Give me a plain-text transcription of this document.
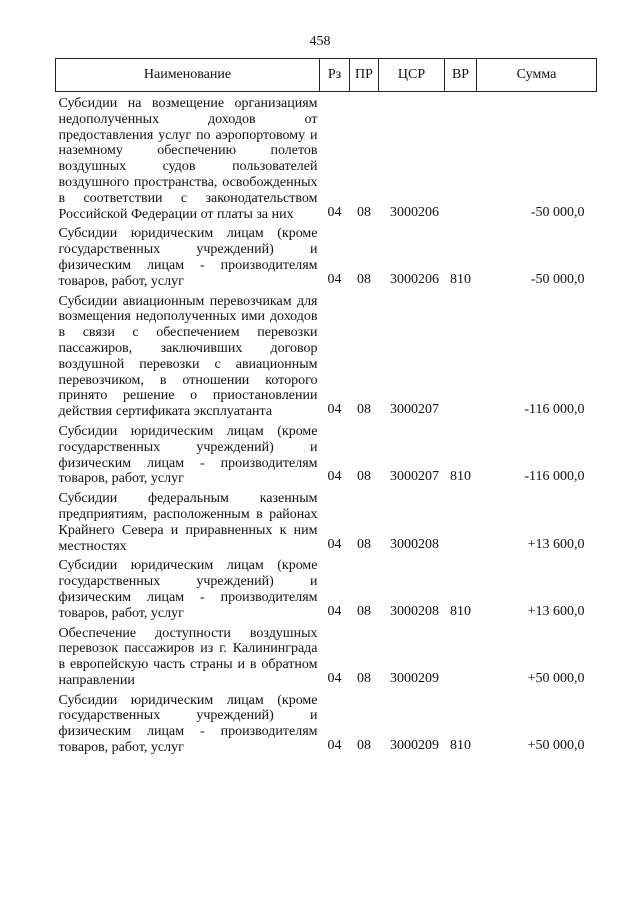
458
Наименование	Рз	ПР	ЦСР	ВР	Сумма
Субсидии на возмещение организациям недополученных доходов от предоставления услуг по аэропортовому и наземному обеспечению полетов воздушных судов пользователей воздушного пространства, освобожденных в соответствии с законодательством Российской Федерации от платы за них	04	08	3000206		-50 000,0
Субсидии юридическим лицам (кроме государственных учреждений) и физическим лицам - производителям товаров, работ, услуг	04	08	3000206	810	-50 000,0
Субсидии авиационным перевозчикам для возмещения недополученных ими доходов в связи с обеспечением перевозки пассажиров, заключивших договор воздушной перевозки с авиационным перевозчиком, в отношении которого принято решение о приостановлении действия сертификата эксплуатанта	04	08	3000207		-116 000,0
Субсидии юридическим лицам (кроме государственных учреждений) и физическим лицам - производителям товаров, работ, услуг	04	08	3000207	810	-116 000,0
Субсидии федеральным казенным предприятиям, расположенным в районах Крайнего Севера и приравненных к ним местностях	04	08	3000208		+13 600,0
Субсидии юридическим лицам (кроме государственных учреждений) и физическим лицам - производителям товаров, работ, услуг	04	08	3000208	810	+13 600,0
Обеспечение доступности воздушных перевозок пассажиров из г. Калининграда в европейскую часть страны и в обратном направлении	04	08	3000209		+50 000,0
Субсидии юридическим лицам (кроме государственных учреждений) и физическим лицам - производителям товаров, работ, услуг	04	08	3000209	810	+50 000,0
